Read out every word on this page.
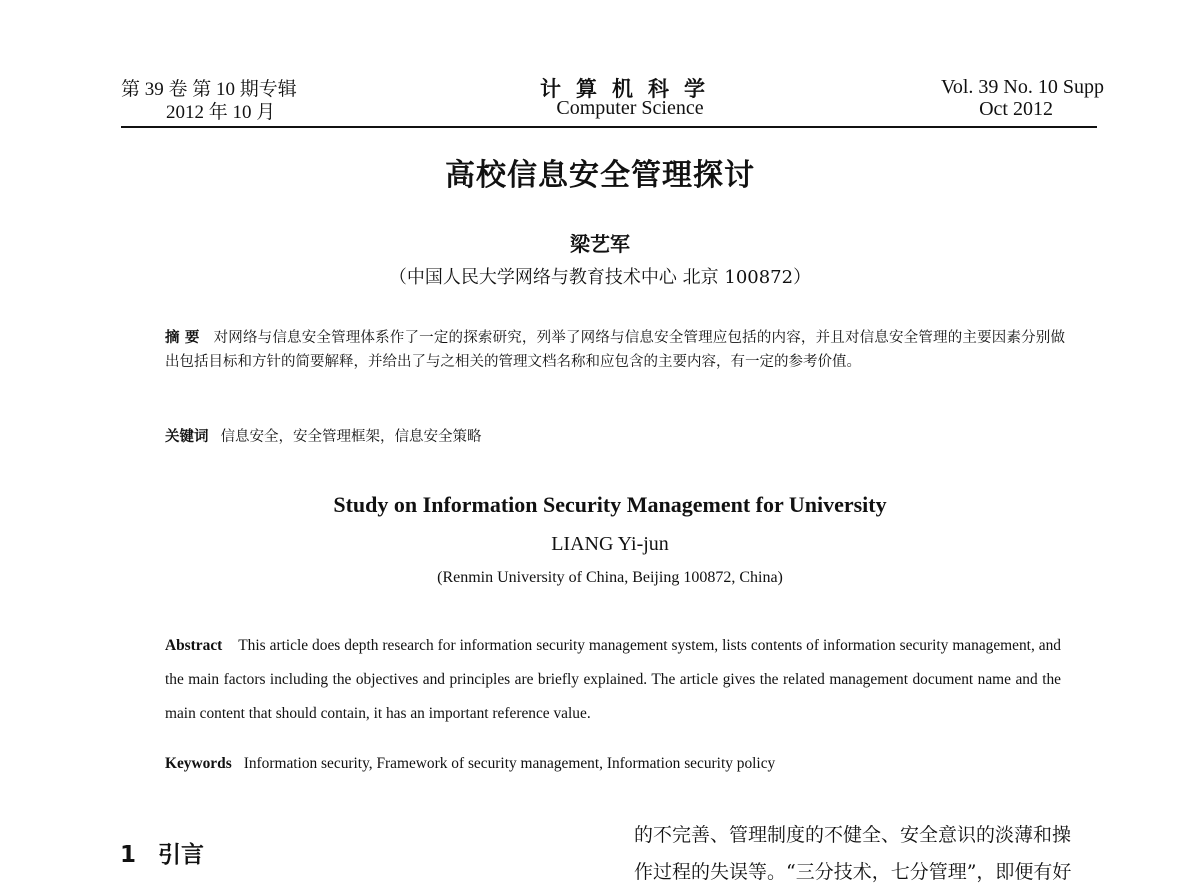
第 39 卷 第 10 期专辑
2012 年 10 月
计算机科学
Computer Science
Vol. 39 No. 10 Supp
Oct 2012
高校信息安全管理探讨
梁艺军
（中国人民大学网络与教育技术中心 北京 100872）
摘 要 对网络与信息安全管理体系作了一定的探索研究，列举了网络与信息安全管理应包括的内容，并且对信息安全管理的主要因素分别做出包括目标和方针的简要解释，并给出了与之相关的管理文档名称和应包含的主要内容，有一定的参考价值。
关键词 信息安全，安全管理框架，信息安全策略
Study on Information Security Management for University
LIANG Yi-jun
(Renmin University of China, Beijing 100872, China)
Abstract This article does depth research for information security management system, lists contents of information security management, and the main factors including the objectives and principles are briefly explained. The article gives the related management document name and the main content that should contain, it has an important reference value.
Keywords Information security, Framework of security management, Information security policy
1 引言
的不完善、管理制度的不健全、安全意识的淡薄和操
作过程的失误等。“三分技术，七分管理”，即便有好
